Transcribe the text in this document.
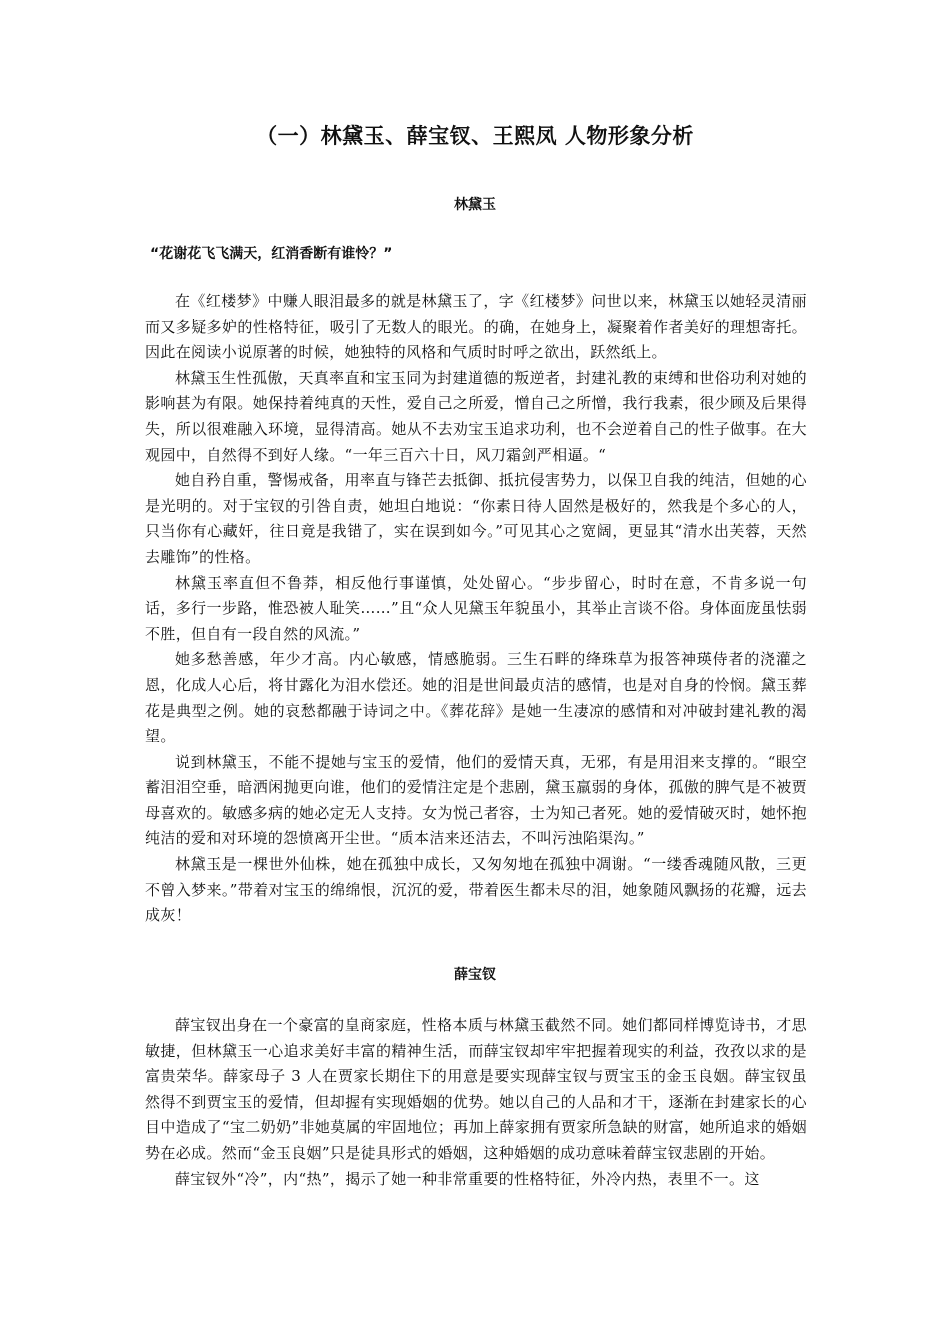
（一）林黛玉、薛宝钗、王熙凤 人物形象分析
林黛玉

“花谢花飞飞满天，红消香断有谁怜？”

在《红楼梦》中赚人眼泪最多的就是林黛玉了，字《红楼梦》问世以来，林黛玉以她轻灵清丽而又多疑多妒的性格特征，吸引了无数人的眼光。的确，在她身上，凝聚着作者美好的理想寄托。因此在阅读小说原著的时候，她独特的风格和气质时时呼之欲出，跃然纸上。

林黛玉生性孤傲，天真率直和宝玉同为封建道德的叛逆者，封建礼教的束缚和世俗功利对她的影响甚为有限。她保持着纯真的天性，爱自己之所爱，憎自己之所憎，我行我素，很少顾及后果得失，所以很难融入环境，显得清高。她从不去劝宝玉追求功利，也不会逆着自己的性子做事。在大观园中，自然得不到好人缘。“一年三百六十日，风刀霜剑严相逼。“

她自矜自重，警惕戒备，用率直与锋芒去抵御、抵抗侵害势力，以保卫自我的纯洁，但她的心是光明的。对于宝钗的引咎自责，她坦白地说：“你素日待人固然是极好的，然我是个多心的人，只当你有心藏奸，往日竟是我错了，实在误到如今。”可见其心之宽阔，更显其“清水出芙蓉，天然去雕饰”的性格。

林黛玉率直但不鲁莽，相反他行事谨慎，处处留心。“步步留心，时时在意，不肯多说一句话，多行一步路，惟恐被人耻笑……”且“众人见黛玉年貌虽小，其举止言谈不俗。身体面庞虽怯弱不胜，但自有一段自然的风流。”

她多愁善感，年少才高。内心敏感，情感脆弱。三生石畔的绛珠草为报答神瑛侍者的浇灌之恩，化成人心后，将甘露化为泪水偿还。她的泪是世间最贞洁的感情，也是对自身的怜悯。黛玉葬花是典型之例。她的哀愁都融于诗词之中。《葬花辞》是她一生凄凉的感情和对冲破封建礼教的渴望。

说到林黛玉，不能不提她与宝玉的爱情，他们的爱情天真，无邪，有是用泪来支撑的。“眼空蓄泪泪空垂，暗洒闲抛更向谁，他们的爱情注定是个悲剧，黛玉羸弱的身体，孤傲的脾气是不被贾母喜欢的。敏感多病的她必定无人支持。女为悦己者容，士为知己者死。她的爱情破灭时，她怀抱纯洁的爱和对环境的怨愤离开尘世。“质本洁来还洁去，不叫污浊陷渠沟。”

林黛玉是一棵世外仙株，她在孤独中成长，又匆匆地在孤独中凋谢。“一缕香魂随风散，三更不曾入梦来。”带着对宝玉的绵绵恨，沉沉的爱，带着医生都未尽的泪，她象随风飘扬的花瓣，远去成灰！

薛宝钗

薛宝钗出身在一个豪富的皇商家庭，性格本质与林黛玉截然不同。她们都同样博览诗书，才思敏捷，但林黛玉一心追求美好丰富的精神生活，而薛宝钗却牢牢把握着现实的利益，孜孜以求的是富贵荣华。薛家母子 3 人在贾家长期住下的用意是要实现薛宝钗与贾宝玉的金玉良姻。薛宝钗虽然得不到贾宝玉的爱情，但却握有实现婚姻的优势。她以自己的人品和才干，逐渐在封建家长的心目中造成了“宝二奶奶”非她莫属的牢固地位；再加上薛家拥有贾家所急缺的财富，她所追求的婚姻势在必成。然而“金玉良姻”只是徒具形式的婚姻，这种婚姻的成功意味着薛宝钗悲剧的开始。

薛宝钗外“冷”，内“热”，揭示了她一种非常重要的性格特征，外冷内热，表里不一。这
